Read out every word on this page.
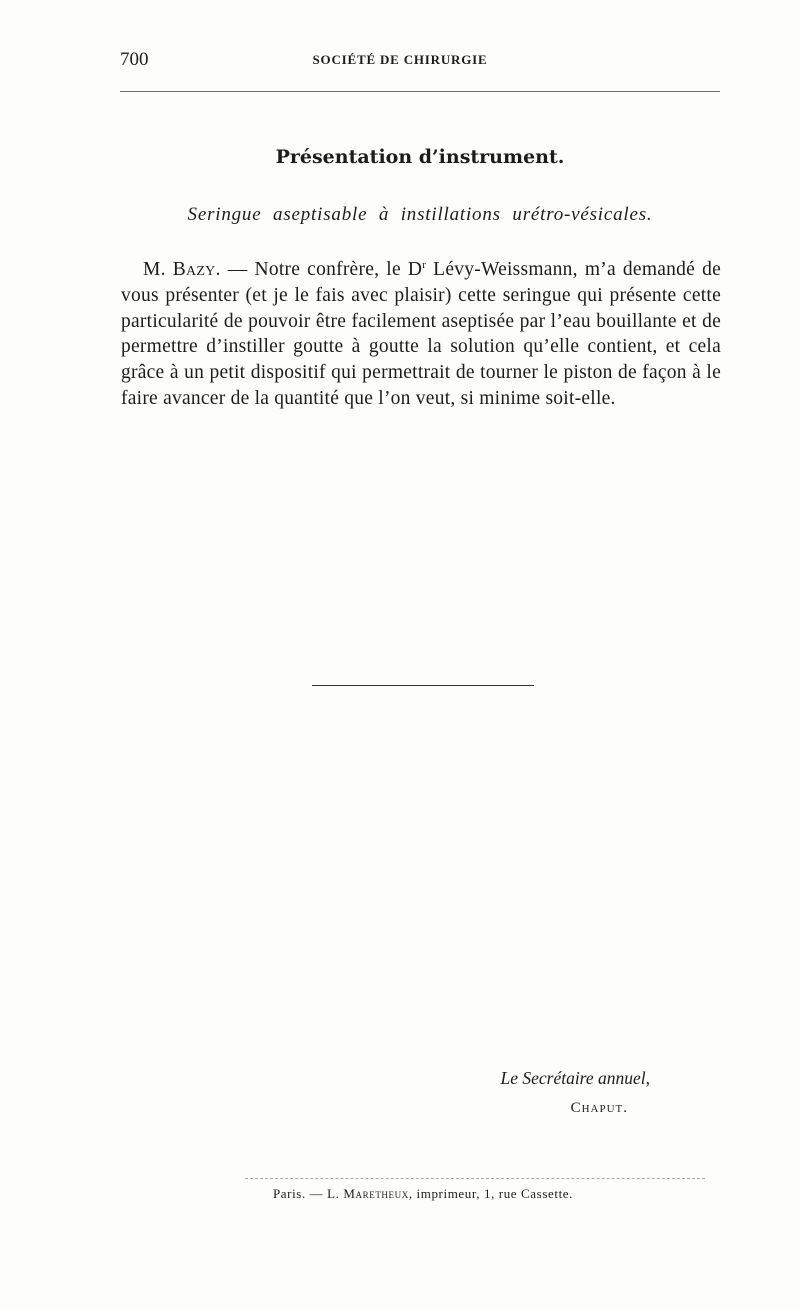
700	SOCIÉTÉ DE CHIRURGIE
Présentation d’instrument.
Seringue aseptisable à instillations urétro-vésicales.

M. Bazy. — Notre confrère, le $D^r$ Lévy-Weissmann, m’a demandé de vous présenter (et je le fais avec plaisir) cette seringue qui présente cette particularité de pouvoir être facilement aseptisée par l’eau bouillante et de permettre d’instiller goutte à goutte la solution qu’elle contient, et cela grâce à un petit dispositif qui permettrait de tourner le piston de façon à le faire avancer de la quantité que l’on veut, si minime soit-elle.

Le Secrétaire annuel,
Chaput.
Paris. — L. Maretheux, imprimeur, 1, rue Cassette.
